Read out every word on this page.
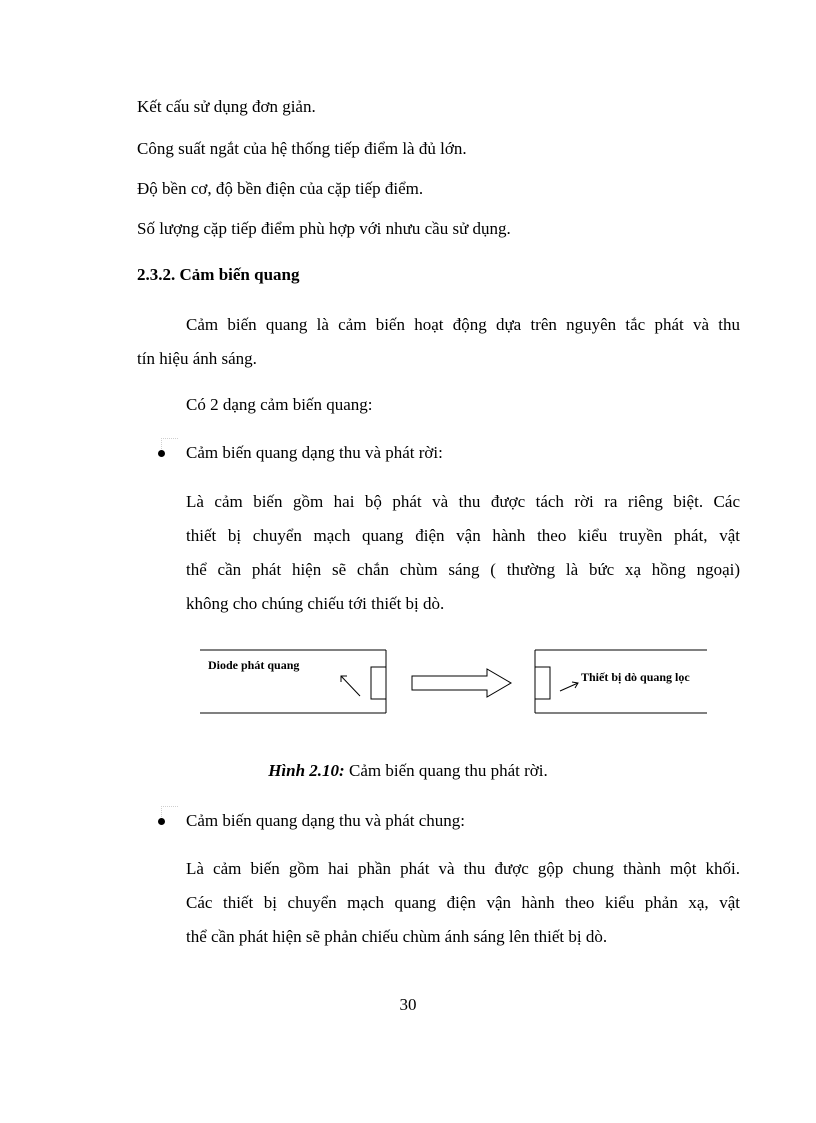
Kết cấu sử dụng đơn giản.
Công suất ngắt của hệ thống tiếp điểm là đủ lớn.
Độ bền cơ, độ bền điện của cặp tiếp điểm.
Số lượng cặp tiếp điểm phù hợp với nhưu cầu sử dụng.
2.3.2. Cảm biến quang
Cảm biến quang là cảm biến hoạt động dựa trên nguyên tắc phát và thu
tín hiệu ánh sáng.
Có 2 dạng cảm biến quang:
Cảm biến quang dạng thu và phát rời:
Là cảm biến gồm hai bộ phát và thu được tách rời ra riêng biệt. Các
thiết bị chuyển mạch quang điện vận hành theo kiểu truyền phát, vật
thể cần phát hiện sẽ chắn chùm sáng ( thường là bức xạ hồng ngoại)
không cho chúng chiếu tới thiết bị dò.
Diode phát quang
Thiết bị dò quang lọc
Hình 2.10: Cảm biến quang thu phát rời.
Cảm biến quang dạng thu và phát chung:
Là cảm biến gồm hai phần phát và thu được gộp chung thành một khối.
Các thiết bị chuyển mạch quang điện vận hành theo kiểu phản xạ, vật
thể cần phát hiện sẽ phản chiếu chùm ánh sáng lên thiết bị dò.
30
